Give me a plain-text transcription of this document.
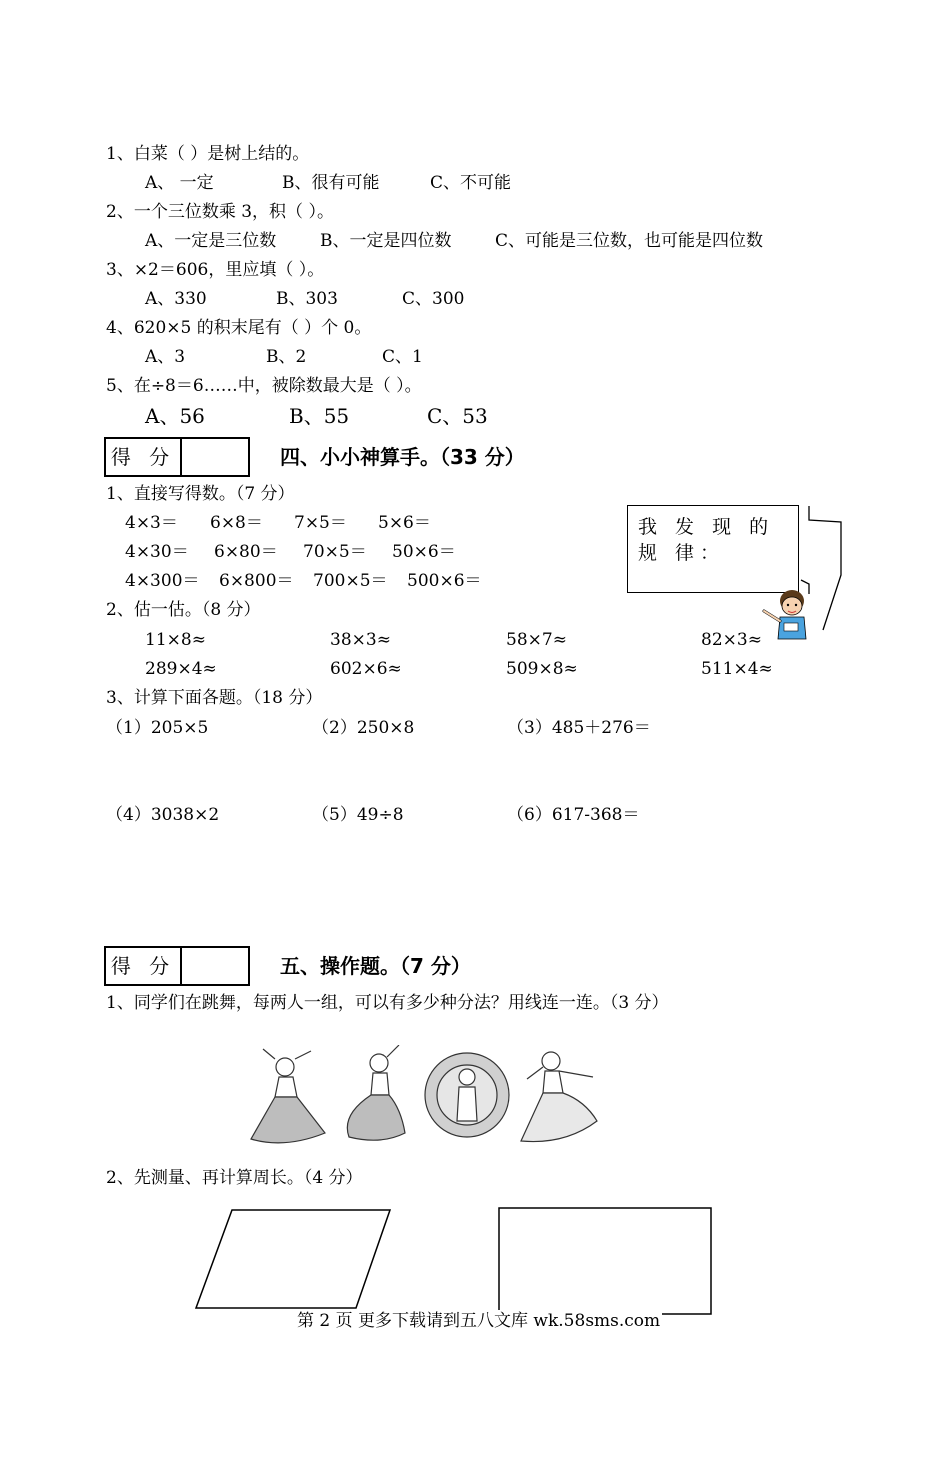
1、白菜（ ）是树上结的。
A、 一定	B、很有可能	C、不可能
2、一个三位数乘 3，积（ ）。
A、一定是三位数	B、一定是四位数	C、可能是三位数，也可能是四位数
3、×2＝606，里应填（ ）。
A、330	B、303	C、300
4、620×5 的积末尾有（ ）个 0。
A、3	B、2	C、1
5、在÷8＝6……中，被除数最大是（ ）。
A、56	B、55	C、53
得 分	四、小小神算手。（33 分）
1、直接写得数。（7 分）
4×3＝ 6×8＝ 7×5＝ 5×6＝
4×30＝ 6×80＝ 70×5＝ 50×6＝
4×300＝ 6×800＝ 700×5＝ 500×6＝
我 发 现 的 规 律：
2、估一估。（8 分）
11×8≈	38×3≈	58×7≈	82×3≈
289×4≈	602×6≈	509×8≈	511×4≈
3、计算下面各题。（18 分）
（1）205×5	（2）250×8	（3）485＋276＝
（4）3038×2	（5）49÷8	（6）617-368＝
得 分	五、操作题。（7 分）
1、同学们在跳舞，每两人一组，可以有多少种分法？用线连一连。（3 分）
2、先测量、再计算周长。（4 分）
第 2 页 更多下载请到五八文库 wk.58sms.com
